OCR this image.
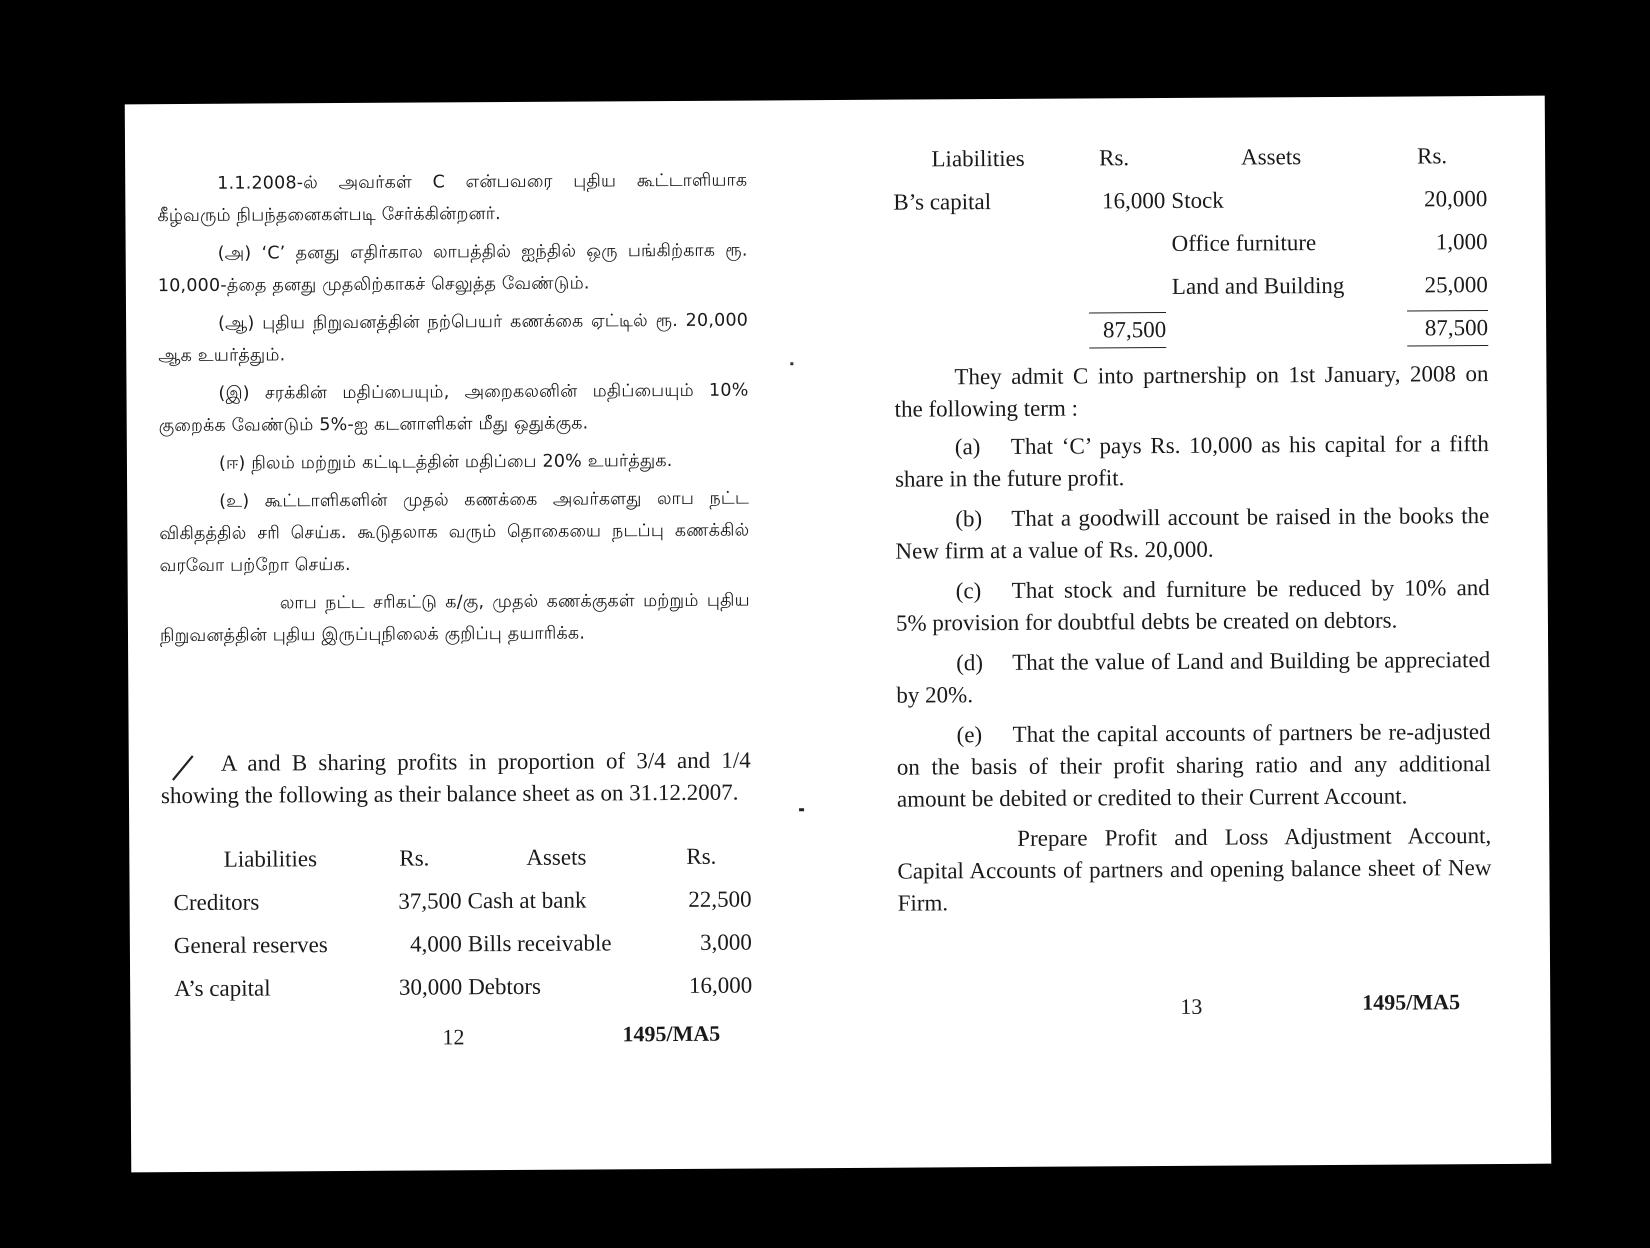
1.1.2008-ல் அவர்கள் C என்பவரை புதிய கூட்டாளியாக கீழ்வரும் நிபந்தனைகள்படி சேர்க்கின்றனர்.

(அ) ‘C’ தனது எதிர்கால லாபத்தில் ஐந்தில் ஒரு பங்கிற்காக ரூ. 10,000-த்தை தனது முதலிற்காகச் செலுத்த வேண்டும்.

(ஆ) புதிய நிறுவனத்தின் நற்பெயர் கணக்கை ஏட்டில் ரூ. 20,000 ஆக உயர்த்தும்.

(இ) சரக்கின் மதிப்பையும், அறைகலனின் மதிப்பையும் 10% குறைக்க வேண்டும் 5%-ஐ கடனாளிகள் மீது ஒதுக்குக.

(ஈ) நிலம் மற்றும் கட்டிடத்தின் மதிப்பை 20% உயர்த்துக.

(உ) கூட்டாளிகளின் முதல் கணக்கை அவர்களது லாப நட்ட விகிதத்தில் சரி செய்க. கூடுதலாக வரும் தொகையை நடப்பு கணக்கில் வரவோ பற்றோ செய்க.

லாப நட்ட சரிகட்டு க/கு, முதல் கணக்குகள் மற்றும் புதிய நிறுவனத்தின் புதிய இருப்புநிலைக் குறிப்பு தயாரிக்க.

A and B sharing profits in proportion of 3/4 and 1/4 showing the following as their balance sheet as on 31.12.2007.

Liabilities	Rs.	Assets	Rs.
Creditors	37,500	Cash at bank	22,500
General reserves	4,000	Bills receivable	3,000
A’s capital	30,000	Debtors	16,000
12	1495/MA5
Liabilities	Rs.	Assets	Rs.
B’s capital	16,000	Stock	20,000
		Office furniture	1,000
		Land and Building	25,000
	87,500		87,500

They admit C into partnership on 1st January, 2008 on the following term :

(a) That ‘C’ pays Rs. 10,000 as his capital for a fifth share in the future profit.

(b) That a goodwill account be raised in the books the New firm at a value of Rs. 20,000.

(c) That stock and furniture be reduced by 10% and 5% provision for doubtful debts be created on debtors.

(d) That the value of Land and Building be appreciated by 20%.

(e) That the capital accounts of partners be re-adjusted on the basis of their profit sharing ratio and any additional amount be debited or credited to their Current Account.

Prepare Profit and Loss Adjustment Account, Capital Accounts of partners and opening balance sheet of New Firm.

13	1495/MA5
